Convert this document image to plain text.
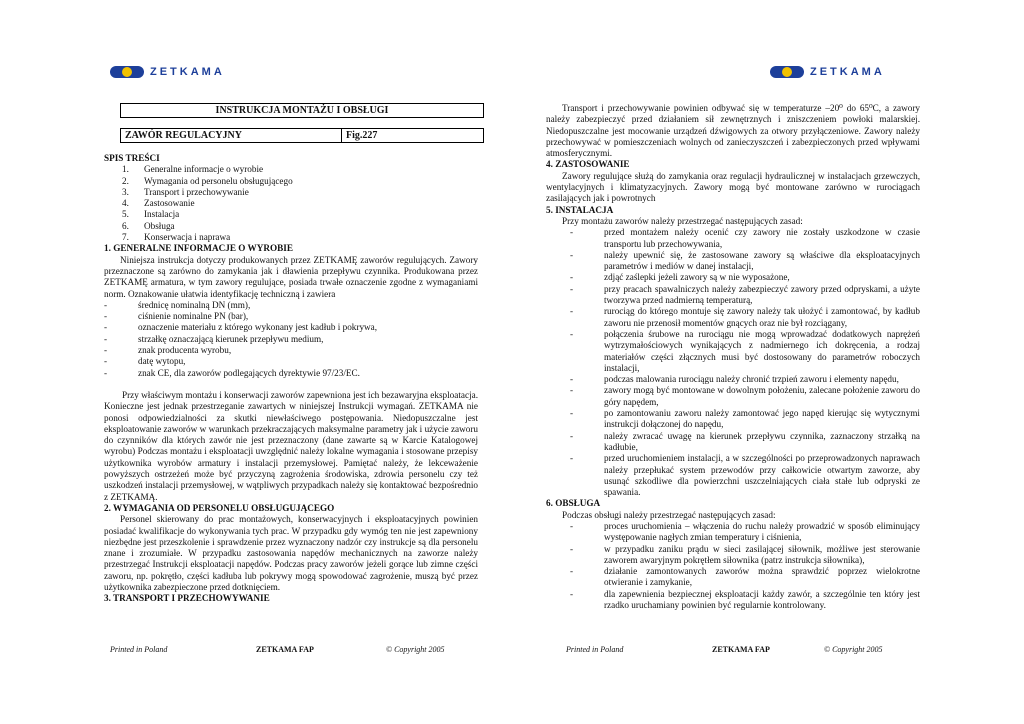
ZETKAMA
INSTRUKCJA MONTAŻU I OBSŁUGI
ZAWÓR REGULACYJNY	Fig.227

SPIS TREŚCI

1.	Generalne informacje o wyrobie
2.	Wymagania od personelu obsługującego
3.	Transport i przechowywanie
4.	Zastosowanie
5.	Instalacja
6.	Obsługa
7.	Konserwacja i naprawa

1. GENERALNE INFORMACJE O WYROBIE

Niniejsza instrukcja dotyczy produkowanych przez ZETKAMĘ zaworów regulujących. Zawory przeznaczone są zarówno do zamykania jak i dławienia przepływu czynnika. Produkowana przez ZETKAMĘ armatura, w tym zawory regulujące, posiada trwałe oznaczenie zgodne z wymaganiami norm. Oznakowanie ułatwia identyfikację techniczną i zawiera

-	średnicę nominalną DN (mm),
-	ciśnienie nominalne PN (bar),
-	oznaczenie materiału z którego wykonany jest kadłub i pokrywa,
-	strzałkę oznaczającą kierunek przepływu medium,
-	znak producenta wyrobu,
-	datę wytopu,
-	znak CE, dla zaworów podlegających dyrektywie 97/23/EC.

Przy właściwym montażu i konserwacji zaworów zapewniona jest ich bezawaryjna eksploatacja. Konieczne jest jednak przestrzeganie zawartych w niniejszej Instrukcji wymagań. ZETKAMA nie ponosi odpowiedzialności za skutki niewłaściwego postępowania. Niedopuszczalne jest eksploatowanie zaworów w warunkach przekraczających maksymalne parametry jak i użycie zaworu do czynników dla których zawór nie jest przeznaczony (dane zawarte są w Karcie Katalogowej wyrobu) Podczas montażu i eksploatacji uwzględnić należy lokalne wymagania i stosowane przepisy użytkownika wyrobów armatury i instalacji przemysłowej. Pamiętać należy, że lekceważenie powyższych ostrzeżeń może być przyczyną zagrożenia środowiska, zdrowia personelu czy też uszkodzeń instalacji przemysłowej, w wątpliwych przypadkach należy się kontaktować bezpośrednio z ZETKAMĄ.

2. WYMAGANIA OD PERSONELU OBSŁUGUJĄCEGO

Personel skierowany do prac montażowych, konserwacyjnych i eksploatacyjnych powinien posiadać kwalifikacje do wykonywania tych prac. W przypadku gdy wymóg ten nie jest zapewniony niezbędne jest przeszkolenie i sprawdzenie przez wyznaczony nadzór czy instrukcje są dla personelu znane i zrozumiałe. W przypadku zastosowania napędów mechanicznych na zaworze należy przestrzegać Instrukcji eksploatacji napędów. Podczas pracy zaworów jeżeli gorące lub zimne części zaworu, np. pokrętło, części kadłuba lub pokrywy mogą spowodować zagrożenie, muszą być przez użytkownika zabezpieczone przed dotknięciem.

3. TRANSPORT I PRZECHOWYWANIE

Printed in Poland	ZETKAMA FAP	© Copyright 2005
ZETKAMA

Transport i przechowywanie powinien odbywać się w temperaturze –20⁰ do 65⁰C, a zawory należy zabezpieczyć przed działaniem sił zewnętrznych i zniszczeniem powłoki malarskiej. Niedopuszczalne jest mocowanie urządzeń dźwigowych za otwory przyłączeniowe. Zawory należy przechowywać w pomieszczeniach wolnych od zanieczyszczeń i zabezpieczonych przed wpływami atmosferycznymi.

4. ZASTOSOWANIE

Zawory regulujące służą do zamykania oraz regulacji hydraulicznej w instalacjach grzewczych, wentylacyjnych i klimatyzacyjnych. Zawory mogą być montowane zarówno w rurociągach zasilających jak i powrotnych

5. INSTALACJA

Przy montażu zaworów należy przestrzegać następujących zasad:

-	przed montażem należy ocenić czy zawory nie zostały uszkodzone w czasie transportu lub przechowywania,
-	należy upewnić się, że zastosowane zawory są właściwe dla eksploatacyjnych parametrów i mediów w danej instalacji,
-	zdjąć zaślepki jeżeli zawory są w nie wyposażone,
-	przy pracach spawalniczych należy zabezpieczyć zawory przed odpryskami, a użyte tworzywa przed nadmierną temperaturą,
-	rurociąg do którego montuje się zawory należy tak ułożyć i zamontować, by kadłub zaworu nie przenosił momentów gnących oraz nie był rozciągany,
-	połączenia śrubowe na rurociągu nie mogą wprowadzać dodatkowych naprężeń wytrzymałościowych wynikających z nadmiernego ich dokręcenia, a rodzaj materiałów części złącznych musi być dostosowany do parametrów roboczych instalacji,
-	podczas malowania rurociągu należy chronić trzpień zaworu i elementy napędu,
-	zawory mogą być montowane w dowolnym położeniu, zalecane położenie zaworu do góry napędem,
-	po zamontowaniu zaworu należy zamontować jego napęd kierując się wytycznymi instrukcji dołączonej do napędu,
-	należy zwracać uwagę na kierunek przepływu czynnika, zaznaczony strzałką na kadłubie,
-	przed uruchomieniem instalacji, a w szczególności po przeprowadzonych naprawach należy przepłukać system przewodów przy całkowicie otwartym zaworze, aby usunąć szkodliwe dla powierzchni uszczelniających ciała stałe lub odpryski ze spawania.

6. OBSŁUGA

Podczas obsługi należy przestrzegać następujących zasad:

-	proces uruchomienia – włączenia do ruchu należy prowadzić w sposób eliminujący występowanie nagłych zmian temperatury i ciśnienia,
-	w przypadku zaniku prądu w sieci zasilającej siłownik, możliwe jest sterowanie zaworem awaryjnym pokrętłem siłownika (patrz instrukcja siłownika),
-	działanie zamontowanych zaworów można sprawdzić poprzez wielokrotne otwieranie i zamykanie,
-	dla zapewnienia bezpiecznej eksploatacji każdy zawór, a szczególnie ten który jest rzadko uruchamiany powinien być regularnie kontrolowany.
Printed in Poland	ZETKAMA FAP	© Copyright 2005
